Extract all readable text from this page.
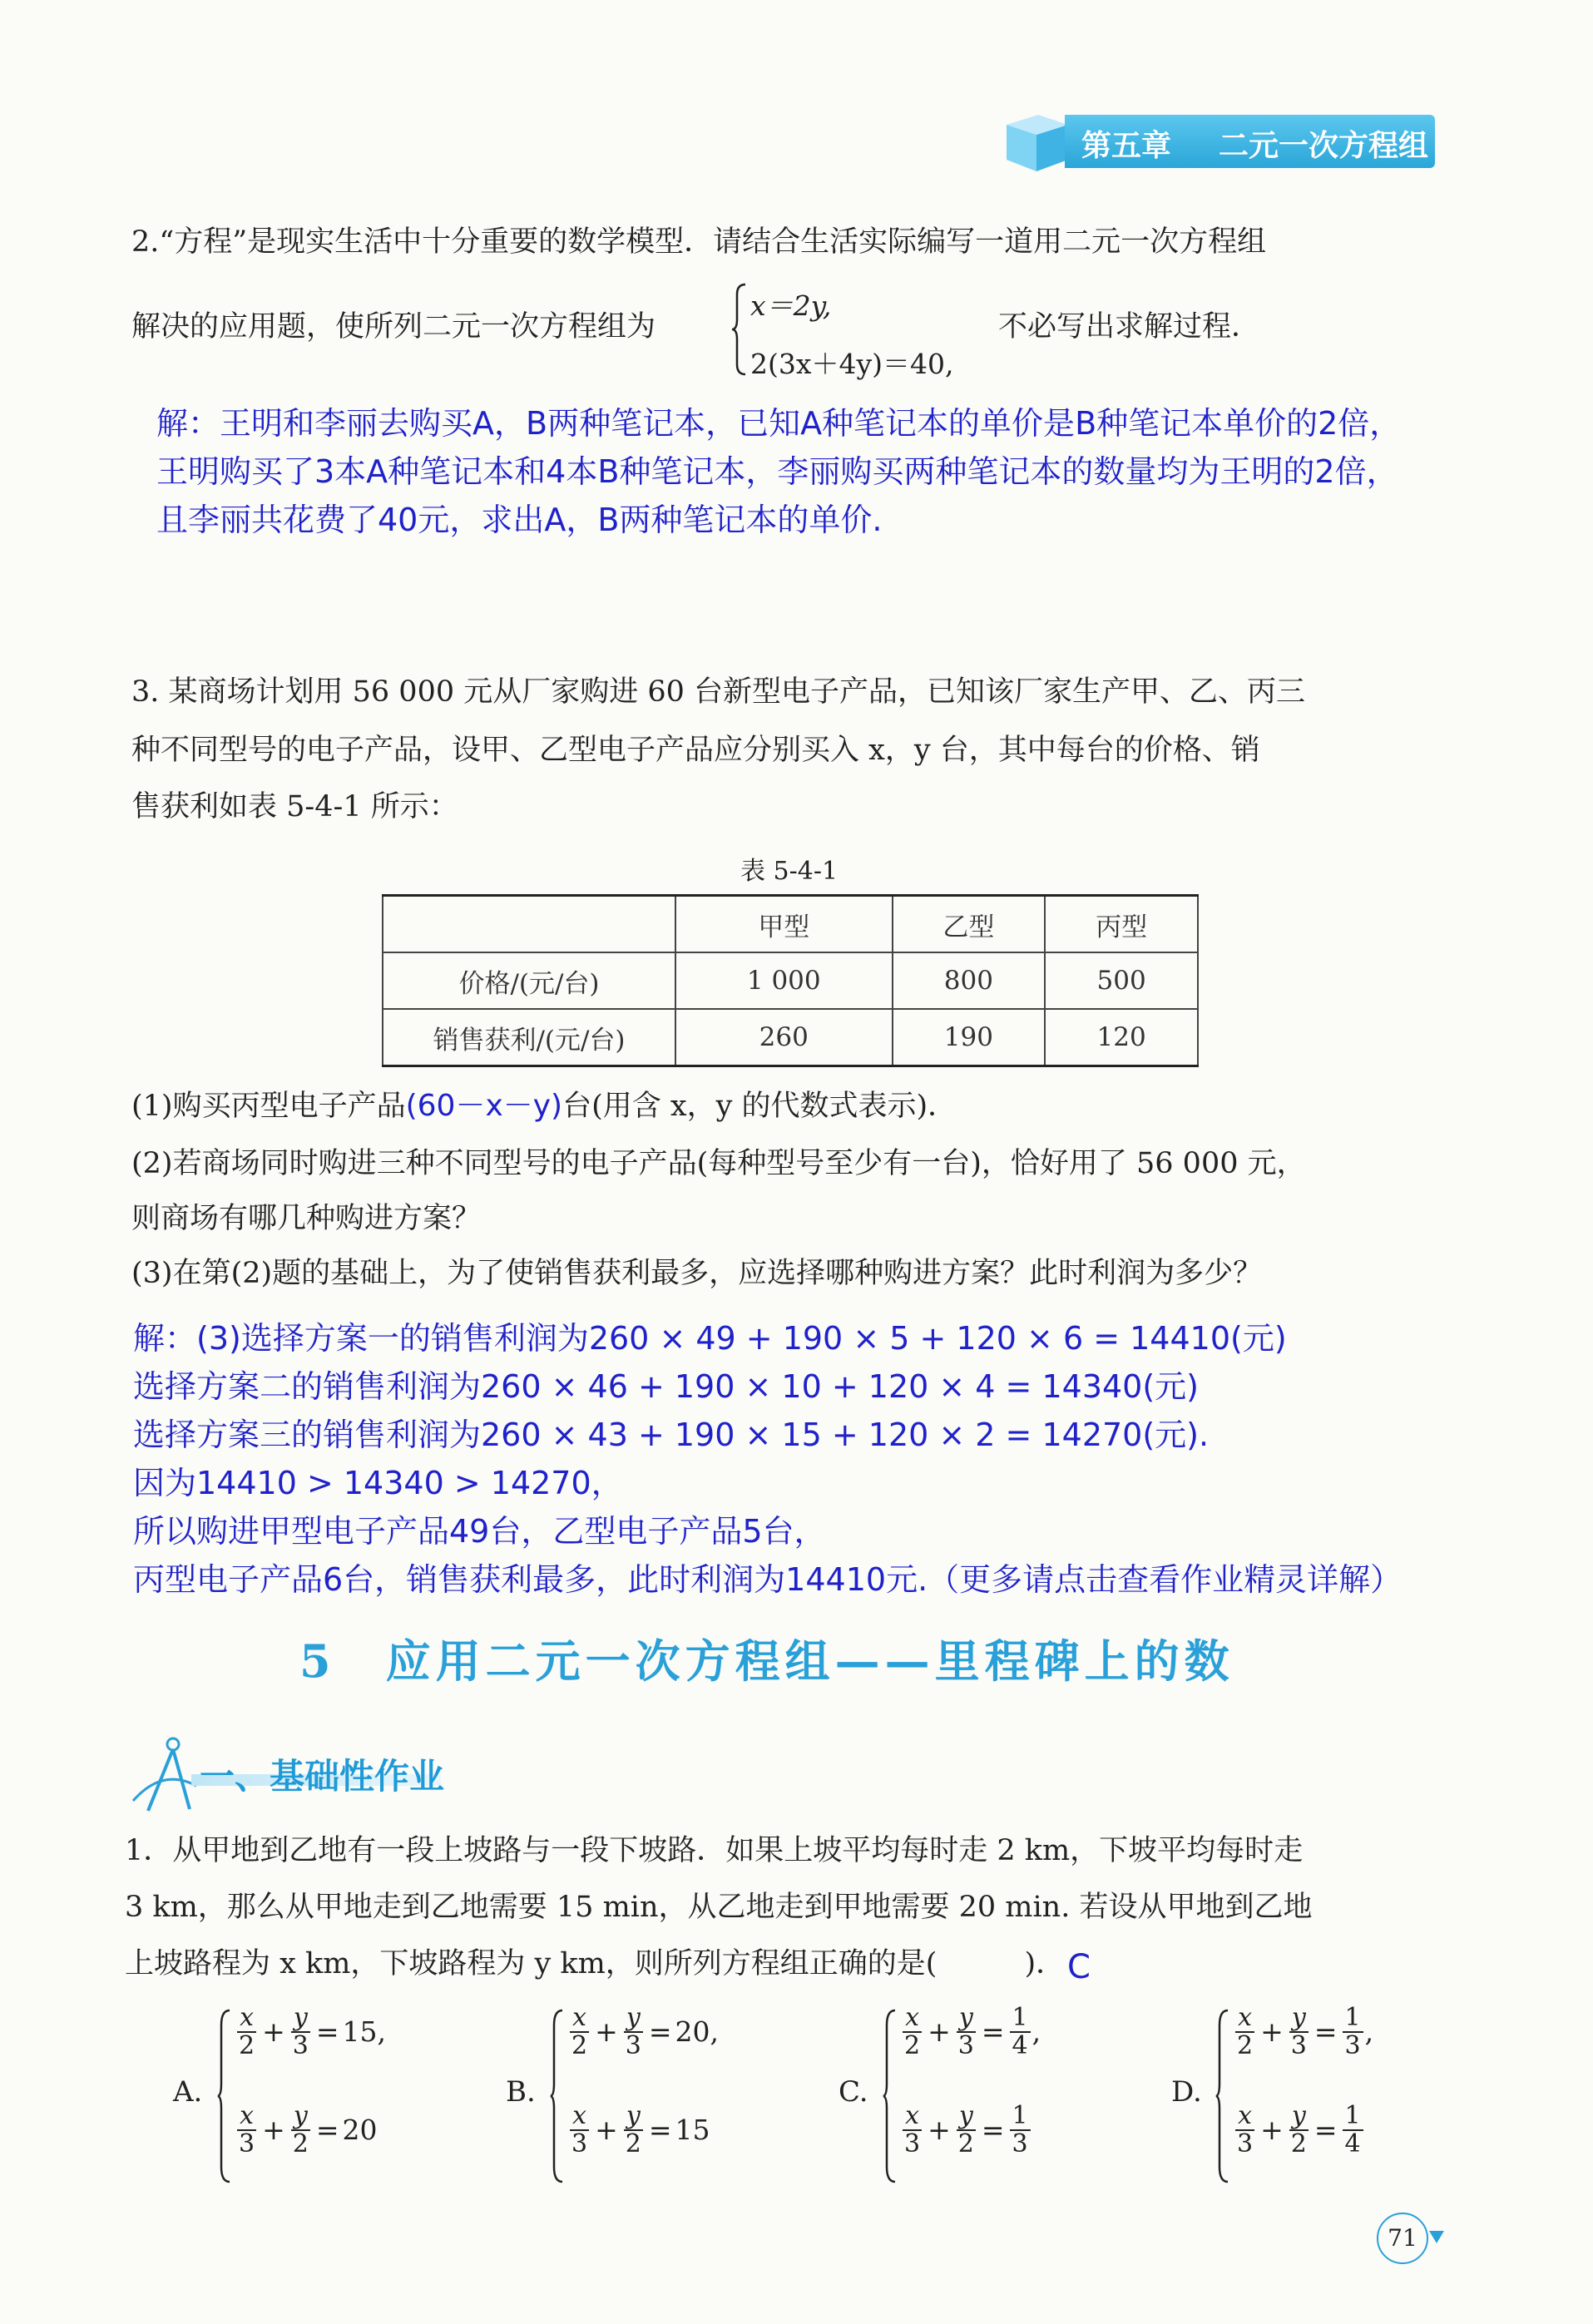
第五章 二元一次方程组
2.“方程”是现实生活中十分重要的数学模型．请结合生活实际编写一道用二元一次方程组
解决的应用题，使所列二元一次方程组为
x＝2y,
2(3x＋4y)＝40,
不必写出求解过程．
解：王明和李丽去购买A，B两种笔记本，已知A种笔记本的单价是B种笔记本单价的2倍，
王明购买了3本A种笔记本和4本B种笔记本，李丽购买两种笔记本的数量均为王明的2倍，
且李丽共花费了40元，求出A，B两种笔记本的单价.
3. 某商场计划用 56 000 元从厂家购进 60 台新型电子产品，已知该厂家生产甲、乙、丙三
种不同型号的电子产品，设甲、乙型电子产品应分别买入 x，y 台，其中每台的价格、销
售获利如表 5-4-1 所示：
表 5-4-1
	甲型	乙型	丙型
价格/(元/台)	1 000	800	500
销售获利/(元/台)	260	190	120
(1)购买丙型电子产品(60－x－y)台(用含 x，y 的代数式表示)．
(2)若商场同时购进三种不同型号的电子产品(每种型号至少有一台)，恰好用了 56 000 元，
则商场有哪几种购进方案？
(3)在第(2)题的基础上，为了使销售获利最多，应选择哪种购进方案？此时利润为多少？
解：(3)选择方案一的销售利润为260 × 49 + 190 × 5 + 120 × 6 = 14410(元)
选择方案二的销售利润为260 × 46 + 190 × 10 + 120 × 4 = 14340(元)
选择方案三的销售利润为260 × 43 + 190 × 15 + 120 × 2 = 14270(元).
因为14410 > 14340 > 14270，
所以购进甲型电子产品49台，乙型电子产品5台，
丙型电子产品6台，销售获利最多，此时利润为14410元.（更多请点击查看作业精灵详解）
5　应用二元一次方程组——里程碑上的数
一、基础性作业
1．从甲地到乙地有一段上坡路与一段下坡路．如果上坡平均每时走 2 km，下坡平均每时走
3 km，那么从甲地走到乙地需要 15 min，从乙地走到甲地需要 20 min. 若设从甲地到乙地
上坡路程为 x km，下坡路程为 y km，则所列方程组正确的是(　　　)． C
A.
$\frac{x}{2} + \frac{y}{3} = 15$,
$\frac{x}{3} + \frac{y}{2} = 20$
B.
$\frac{x}{2} + \frac{y}{3} = 20$,
$\frac{x}{3} + \frac{y}{2} = 15$
C.
$\frac{x}{2} + \frac{y}{3} = \frac{1}{4}$ ,
$\frac{x}{3} + \frac{y}{2} = \frac{1}{3}$
D.
$\frac{x}{2} + \frac{y}{3} = \frac{1}{3}$ ,
$\frac{x}{3} + \frac{y}{2} = \frac{1}{4}$
71
